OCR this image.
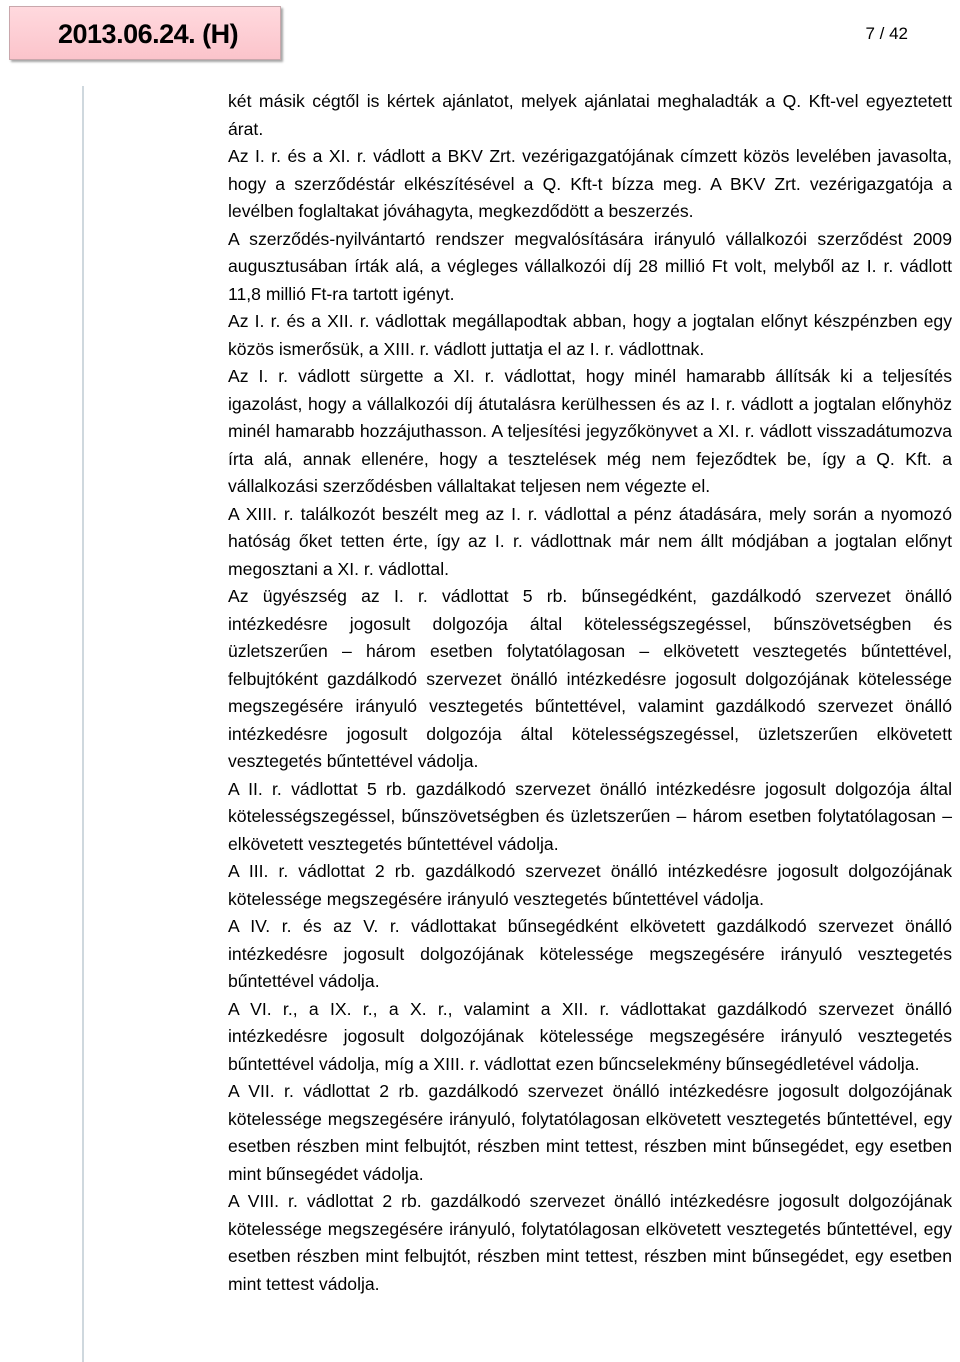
2013.06.24. (H)	7 / 42

két másik cégtől is kértek ajánlatot, melyek ajánlatai meghaladták a Q. Kft-vel egyeztetett árat.

Az I. r. és a XI. r. vádlott a BKV Zrt. vezérigazgatójának címzett közös levelében javasolta, hogy a szerződéstár elkészítésével a Q. Kft-t bízza meg. A BKV Zrt. vezérigazgatója a levélben foglaltakat jóváhagyta, megkezdődött a beszerzés.

A szerződés-nyilvántartó rendszer megvalósítására irányuló vállalkozói szerződést 2009 augusztusában írták alá, a végleges vállalkozói díj 28 millió Ft volt, melyből az I. r. vádlott 11,8 millió Ft-ra tartott igényt.

Az I. r. és a XII. r. vádlottak megállapodtak abban, hogy a jogtalan előnyt készpénzben egy közös ismerősük, a XIII. r. vádlott juttatja el az I. r. vádlottnak.

Az I. r. vádlott sürgette a XI. r. vádlottat, hogy minél hamarabb állítsák ki a teljesítés igazolást, hogy a vállalkozói díj átutalásra kerülhessen és az I. r. vádlott a jogtalan előnyhöz minél hamarabb hozzájuthasson. A teljesítési jegyzőkönyvet a XI. r. vádlott visszadátumozva írta alá, annak ellenére, hogy a tesztelések még nem fejeződtek be, így a Q. Kft. a vállalkozási szerződésben vállaltakat teljesen nem végezte el.

A XIII. r. találkozót beszélt meg az I. r. vádlottal a pénz átadására, mely során a nyomozó hatóság őket tetten érte, így az I. r. vádlottnak már nem állt módjában a jogtalan előnyt megosztani a XI. r. vádlottal.

Az ügyészség az I. r. vádlottat 5 rb. bűnsegédként, gazdálkodó szervezet önálló intézkedésre jogosult dolgozója által kötelességszegéssel, bűnszövetségben és üzletszerűen – három esetben folytatólagosan – elkövetett vesztegetés bűntettével, felbujtóként gazdálkodó szervezet önálló intézkedésre jogosult dolgozójának kötelessége megszegésére irányuló vesztegetés bűntettével, valamint gazdálkodó szervezet önálló intézkedésre jogosult dolgozója által kötelességszegéssel, üzletszerűen elkövetett vesztegetés bűntettével vádolja.

A II. r. vádlottat 5 rb. gazdálkodó szervezet önálló intézkedésre jogosult dolgozója által kötelességszegéssel, bűnszövetségben és üzletszerűen – három esetben folytatólagosan – elkövetett vesztegetés bűntettével vádolja.

A III. r. vádlottat 2 rb. gazdálkodó szervezet önálló intézkedésre jogosult dolgozójának kötelessége megszegésére irányuló vesztegetés bűntettével vádolja.

A IV. r. és az V. r. vádlottakat bűnsegédként elkövetett gazdálkodó szervezet önálló intézkedésre jogosult dolgozójának kötelessége megszegésére irányuló vesztegetés bűntettével vádolja.

A VI. r., a IX. r., a X. r., valamint a XII. r. vádlottakat gazdálkodó szervezet önálló intézkedésre jogosult dolgozójának kötelessége megszegésére irányuló vesztegetés bűntettével vádolja, míg a XIII. r. vádlottat ezen bűncselekmény bűnsegédletével vádolja.

A VII. r. vádlottat 2 rb. gazdálkodó szervezet önálló intézkedésre jogosult dolgozójának kötelessége megszegésére irányuló, folytatólagosan elkövetett vesztegetés bűntettével, egy esetben részben mint felbujtót, részben mint tettest, részben mint bűnsegédet, egy esetben mint bűnsegédet vádolja.

A VIII. r. vádlottat 2 rb. gazdálkodó szervezet önálló intézkedésre jogosult dolgozójának kötelessége megszegésére irányuló, folytatólagosan elkövetett vesztegetés bűntettével, egy esetben részben mint felbujtót, részben mint tettest, részben mint bűnsegédet, egy esetben mint tettest vádolja.
